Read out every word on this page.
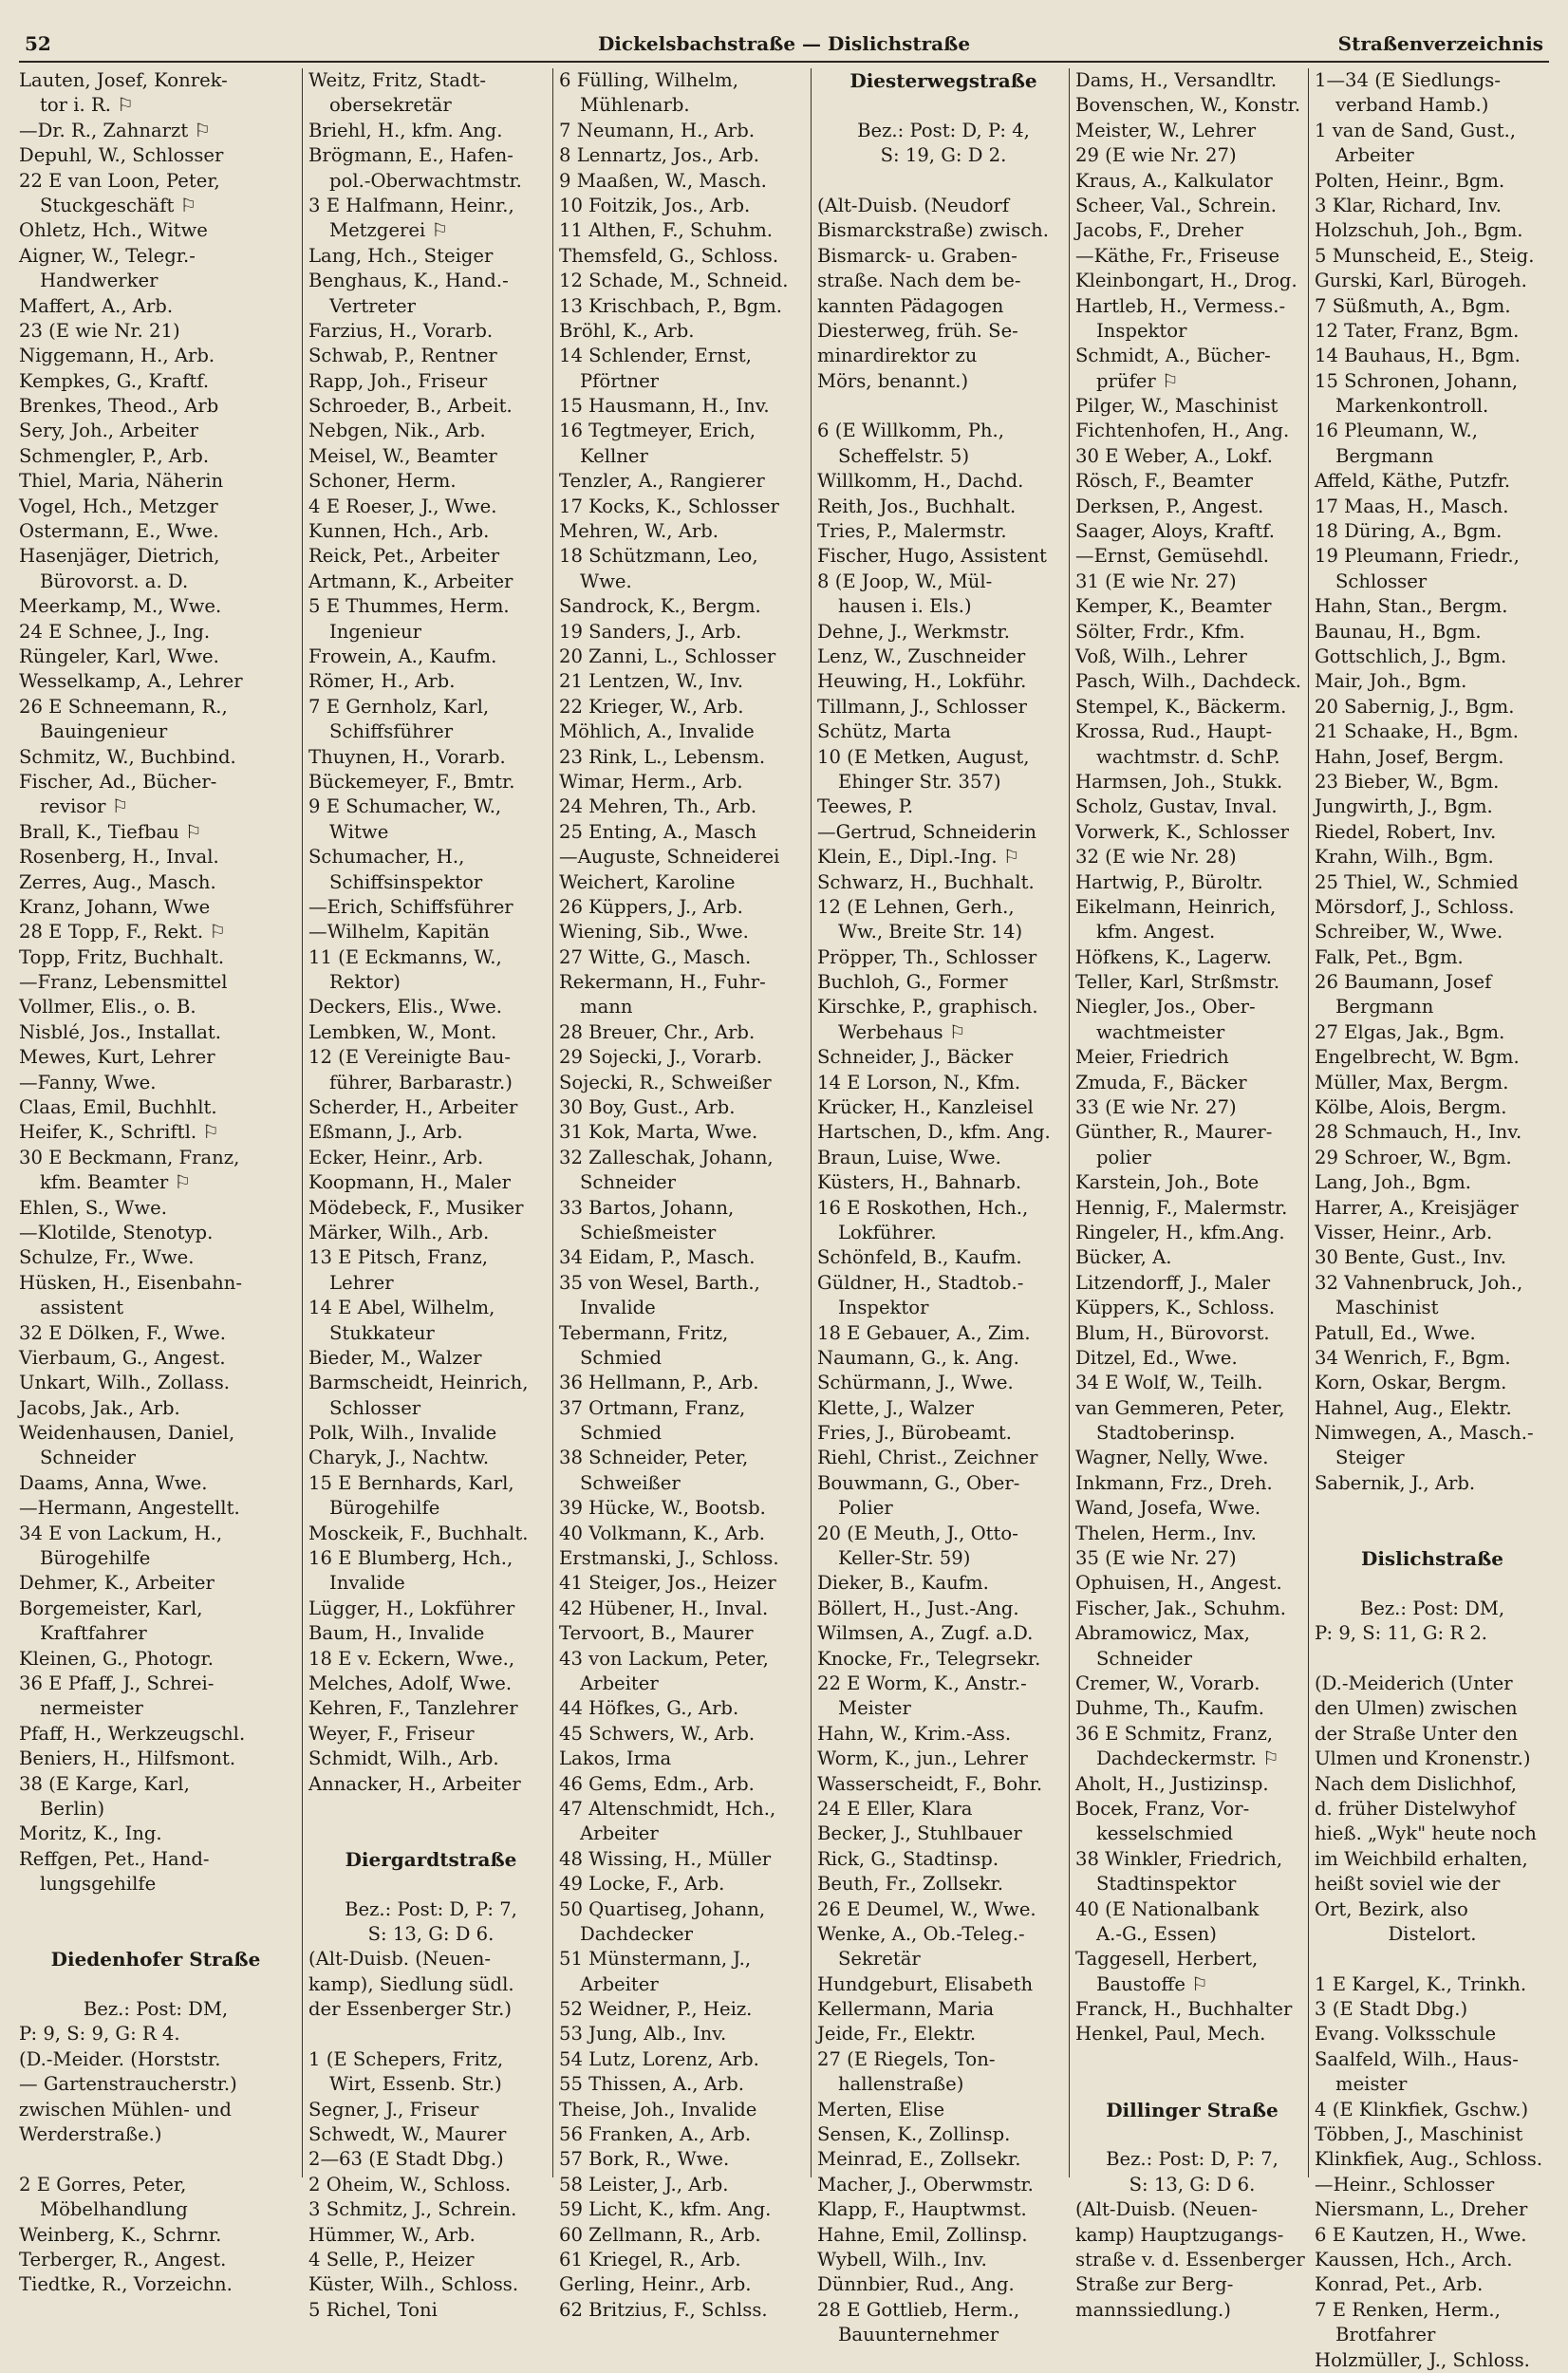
52	Dickelsbachstraße — Dislichstraße	Straßenverzeichnis
Lauten, Josef, Konrek-
tor i. R. ⚐
—Dr. R., Zahnarzt ⚐
Depuhl, W., Schlosser
22 E van Loon, Peter,
Stuckgeschäft ⚐
Ohletz, Hch., Witwe
Aigner, W., Telegr.-
Handwerker
Maffert, A., Arb.
23 (E wie Nr. 21)
Niggemann, H., Arb.
Kempkes, G., Kraftf.
Brenkes, Theod., Arb
Sery, Joh., Arbeiter
Schmengler, P., Arb.
Thiel, Maria, Näherin
Vogel, Hch., Metzger
Ostermann, E., Wwe.
Hasenjäger, Dietrich,
Bürovorst. a. D.
Meerkamp, M., Wwe.
24 E Schnee, J., Ing.
Rüngeler, Karl, Wwe.
Wesselkamp, A., Lehrer
26 E Schneemann, R.,
Bauingenieur
Schmitz, W., Buchbind.
Fischer, Ad., Bücher-
revisor ⚐
Brall, K., Tiefbau ⚐
Rosenberg, H., Inval.
Zerres, Aug., Masch.
Kranz, Johann, Wwe
28 E Topp, F., Rekt. ⚐
Topp, Fritz, Buchhalt.
—Franz, Lebensmittel
Vollmer, Elis., o. B.
Nisblé, Jos., Installat.
Mewes, Kurt, Lehrer
—Fanny, Wwe.
Claas, Emil, Buchhlt.
Heifer, K., Schriftl. ⚐
30 E Beckmann, Franz,
kfm. Beamter ⚐
Ehlen, S., Wwe.
—Klotilde, Stenotyp.
Schulze, Fr., Wwe.
Hüsken, H., Eisenbahn-
assistent
32 E Dölken, F., Wwe.
Vierbaum, G., Angest.
Unkart, Wilh., Zollass.
Jacobs, Jak., Arb.
Weidenhausen, Daniel,
Schneider
Daams, Anna, Wwe.
—Hermann, Angestellt.
34 E von Lackum, H.,
Bürogehilfe
Dehmer, K., Arbeiter
Borgemeister, Karl,
Kraftfahrer
Kleinen, G., Photogr.
36 E Pfaff, J., Schrei-
nermeister
Pfaff, H., Werkzeugschl.
Beniers, H., Hilfsmont.
38 (E Karge, Karl,
Berlin)
Moritz, K., Ing.
Reffgen, Pet., Hand-
lungsgehilfe
Diedenhofer Straße
Bez.: Post: DM,
P: 9, S: 9, G: R 4.
(D.-Meider. (Horststr.
— Gartenstraucherstr.)
zwischen Mühlen- und
Werderstraße.)
2 E Gorres, Peter,
Möbelhandlung
Weinberg, K., Schrnr.
Terberger, R., Angest.
Tiedtke, R., Vorzeichn.
Weitz, Fritz, Stadt-
obersekretär
Briehl, H., kfm. Ang.
Brögmann, E., Hafen-
pol.-Oberwachtmstr.
3 E Halfmann, Heinr.,
Metzgerei ⚐
Lang, Hch., Steiger
Benghaus, K., Hand.-
Vertreter
Farzius, H., Vorarb.
Schwab, P., Rentner
Rapp, Joh., Friseur
Schroeder, B., Arbeit.
Nebgen, Nik., Arb.
Meisel, W., Beamter
Schoner, Herm.
4 E Roeser, J., Wwe.
Kunnen, Hch., Arb.
Reick, Pet., Arbeiter
Artmann, K., Arbeiter
5 E Thummes, Herm.
Ingenieur
Frowein, A., Kaufm.
Römer, H., Arb.
7 E Gernholz, Karl,
Schiffsführer
Thuynen, H., Vorarb.
Bückemeyer, F., Bmtr.
9 E Schumacher, W.,
Witwe
Schumacher, H.,
Schiffsinspektor
—Erich, Schiffsführer
—Wilhelm, Kapitän
11 (E Eckmanns, W.,
Rektor)
Deckers, Elis., Wwe.
Lembken, W., Mont.
12 (E Vereinigte Bau-
führer, Barbarastr.)
Scherder, H., Arbeiter
Eßmann, J., Arb.
Ecker, Heinr., Arb.
Koopmann, H., Maler
Mödebeck, F., Musiker
Märker, Wilh., Arb.
13 E Pitsch, Franz,
Lehrer
14 E Abel, Wilhelm,
Stukkateur
Bieder, M., Walzer
Barmscheidt, Heinrich,
Schlosser
Polk, Wilh., Invalide
Charyk, J., Nachtw.
15 E Bernhards, Karl,
Bürogehilfe
Mosckeik, F., Buchhalt.
16 E Blumberg, Hch.,
Invalide
Lügger, H., Lokführer
Baum, H., Invalide
18 E v. Eckern, Wwe.,
Melches, Adolf, Wwe.
Kehren, F., Tanzlehrer
Weyer, F., Friseur
Schmidt, Wilh., Arb.
Annacker, H., Arbeiter
Diergardtstraße
Bez.: Post: D, P: 7,
S: 13, G: D 6.
(Alt-Duisb. (Neuen-
kamp), Siedlung südl.
der Essenberger Str.)
1 (E Schepers, Fritz,
Wirt, Essenb. Str.)
Segner, J., Friseur
Schwedt, W., Maurer
2—63 (E Stadt Dbg.)
2 Oheim, W., Schloss.
3 Schmitz, J., Schrein.
Hümmer, W., Arb.
4 Selle, P., Heizer
Küster, Wilh., Schloss.
5 Richel, Toni
6 Fülling, Wilhelm,
Mühlenarb.
7 Neumann, H., Arb.
8 Lennartz, Jos., Arb.
9 Maaßen, W., Masch.
10 Foitzik, Jos., Arb.
11 Althen, F., Schuhm.
Themsfeld, G., Schloss.
12 Schade, M., Schneid.
13 Krischbach, P., Bgm.
Bröhl, K., Arb.
14 Schlender, Ernst,
Pförtner
15 Hausmann, H., Inv.
16 Tegtmeyer, Erich,
Kellner
Tenzler, A., Rangierer
17 Kocks, K., Schlosser
Mehren, W., Arb.
18 Schützmann, Leo,
Wwe.
Sandrock, K., Bergm.
19 Sanders, J., Arb.
20 Zanni, L., Schlosser
21 Lentzen, W., Inv.
22 Krieger, W., Arb.
Möhlich, A., Invalide
23 Rink, L., Lebensm.
Wimar, Herm., Arb.
24 Mehren, Th., Arb.
25 Enting, A., Masch
—Auguste, Schneiderei
Weichert, Karoline
26 Küppers, J., Arb.
Wiening, Sib., Wwe.
27 Witte, G., Masch.
Rekermann, H., Fuhr-
mann
28 Breuer, Chr., Arb.
29 Sojecki, J., Vorarb.
Sojecki, R., Schweißer
30 Boy, Gust., Arb.
31 Kok, Marta, Wwe.
32 Zalleschak, Johann,
Schneider
33 Bartos, Johann,
Schießmeister
34 Eidam, P., Masch.
35 von Wesel, Barth.,
Invalide
Tebermann, Fritz,
Schmied
36 Hellmann, P., Arb.
37 Ortmann, Franz,
Schmied
38 Schneider, Peter,
Schweißer
39 Hücke, W., Bootsb.
40 Volkmann, K., Arb.
Erstmanski, J., Schloss.
41 Steiger, Jos., Heizer
42 Hübener, H., Inval.
Tervoort, B., Maurer
43 von Lackum, Peter,
Arbeiter
44 Höfkes, G., Arb.
45 Schwers, W., Arb.
Lakos, Irma
46 Gems, Edm., Arb.
47 Altenschmidt, Hch.,
Arbeiter
48 Wissing, H., Müller
49 Locke, F., Arb.
50 Quartiseg, Johann,
Dachdecker
51 Münstermann, J.,
Arbeiter
52 Weidner, P., Heiz.
53 Jung, Alb., Inv.
54 Lutz, Lorenz, Arb.
55 Thissen, A., Arb.
Theise, Joh., Invalide
56 Franken, A., Arb.
57 Bork, R., Wwe.
58 Leister, J., Arb.
59 Licht, K., kfm. Ang.
60 Zellmann, R., Arb.
61 Kriegel, R., Arb.
Gerling, Heinr., Arb.
62 Britzius, F., Schlss.
Diesterwegstraße
Bez.: Post: D, P: 4,
S: 19, G: D 2.
(Alt-Duisb. (Neudorf
Bismarckstraße) zwisch.
Bismarck- u. Graben-
straße. Nach dem be-
kannten Pädagogen
Diesterweg, früh. Se-
minardirektor zu
Mörs, benannt.)
6 (E Willkomm, Ph.,
Scheffelstr. 5)
Willkomm, H., Dachd.
Reith, Jos., Buchhalt.
Tries, P., Malermstr.
Fischer, Hugo, Assistent
8 (E Joop, W., Mül-
hausen i. Els.)
Dehne, J., Werkmstr.
Lenz, W., Zuschneider
Heuwing, H., Lokführ.
Tillmann, J., Schlosser
Schütz, Marta
10 (E Metken, August,
Ehinger Str. 357)
Teewes, P.
—Gertrud, Schneiderin
Klein, E., Dipl.-Ing. ⚐
Schwarz, H., Buchhalt.
12 (E Lehnen, Gerh.,
Ww., Breite Str. 14)
Pröpper, Th., Schlosser
Buchloh, G., Former
Kirschke, P., graphisch.
Werbehaus ⚐
Schneider, J., Bäcker
14 E Lorson, N., Kfm.
Krücker, H., Kanzleisel
Hartschen, D., kfm. Ang.
Braun, Luise, Wwe.
Küsters, H., Bahnarb.
16 E Roskothen, Hch.,
Lokführer.
Schönfeld, B., Kaufm.
Güldner, H., Stadtob.-
Inspektor
18 E Gebauer, A., Zim.
Naumann, G., k. Ang.
Schürmann, J., Wwe.
Klette, J., Walzer
Fries, J., Bürobeamt.
Riehl, Christ., Zeichner
Bouwmann, G., Ober-
Polier
20 (E Meuth, J., Otto-
Keller-Str. 59)
Dieker, B., Kaufm.
Böllert, H., Just.-Ang.
Wilmsen, A., Zugf. a.D.
Knocke, Fr., Telegrsekr.
22 E Worm, K., Anstr.-
Meister
Hahn, W., Krim.-Ass.
Worm, K., jun., Lehrer
Wasserscheidt, F., Bohr.
24 E Eller, Klara
Becker, J., Stuhlbauer
Rick, G., Stadtinsp.
Beuth, Fr., Zollsekr.
26 E Deumel, W., Wwe.
Wenke, A., Ob.-Teleg.-
Sekretär
Hundgeburt, Elisabeth
Kellermann, Maria
Jeide, Fr., Elektr.
27 (E Riegels, Ton-
hallenstraße)
Merten, Elise
Sensen, K., Zollinsp.
Meinrad, E., Zollsekr.
Macher, J., Oberwmstr.
Klapp, F., Hauptwmst.
Hahne, Emil, Zollinsp.
Wybell, Wilh., Inv.
Dünnbier, Rud., Ang.
28 E Gottlieb, Herm.,
Bauunternehmer
Dams, H., Versandltr.
Bovenschen, W., Konstr.
Meister, W., Lehrer
29 (E wie Nr. 27)
Kraus, A., Kalkulator
Scheer, Val., Schrein.
Jacobs, F., Dreher
—Käthe, Fr., Friseuse
Kleinbongart, H., Drog.
Hartleb, H., Vermess.-
Inspektor
Schmidt, A., Bücher-
prüfer ⚐
Pilger, W., Maschinist
Fichtenhofen, H., Ang.
30 E Weber, A., Lokf.
Rösch, F., Beamter
Derksen, P., Angest.
Saager, Aloys, Kraftf.
—Ernst, Gemüsehdl.
31 (E wie Nr. 27)
Kemper, K., Beamter
Sölter, Frdr., Kfm.
Voß, Wilh., Lehrer
Pasch, Wilh., Dachdeck.
Stempel, K., Bäckerm.
Krossa, Rud., Haupt-
wachtmstr. d. SchP.
Harmsen, Joh., Stukk.
Scholz, Gustav, Inval.
Vorwerk, K., Schlosser
32 (E wie Nr. 28)
Hartwig, P., Büroltr.
Eikelmann, Heinrich,
kfm. Angest.
Höfkens, K., Lagerw.
Teller, Karl, Strßmstr.
Niegler, Jos., Ober-
wachtmeister
Meier, Friedrich
Zmuda, F., Bäcker
33 (E wie Nr. 27)
Günther, R., Maurer-
polier
Karstein, Joh., Bote
Hennig, F., Malermstr.
Ringeler, H., kfm.Ang.
Bücker, A.
Litzendorff, J., Maler
Küppers, K., Schloss.
Blum, H., Bürovorst.
Ditzel, Ed., Wwe.
34 E Wolf, W., Teilh.
van Gemmeren, Peter,
Stadtoberinsp.
Wagner, Nelly, Wwe.
Inkmann, Frz., Dreh.
Wand, Josefa, Wwe.
Thelen, Herm., Inv.
35 (E wie Nr. 27)
Ophuisen, H., Angest.
Fischer, Jak., Schuhm.
Abramowicz, Max,
Schneider
Cremer, W., Vorarb.
Duhme, Th., Kaufm.
36 E Schmitz, Franz,
Dachdeckermstr. ⚐
Aholt, H., Justizinsp.
Bocek, Franz, Vor-
kesselschmied
38 Winkler, Friedrich,
Stadtinspektor
40 (E Nationalbank
A.-G., Essen)
Taggesell, Herbert,
Baustoffe ⚐
Franck, H., Buchhalter
Henkel, Paul, Mech.
Dillinger Straße
Bez.: Post: D, P: 7,
S: 13, G: D 6.
(Alt-Duisb. (Neuen-
kamp) Hauptzugangs-
straße v. d. Essenberger
Straße zur Berg-
mannssiedlung.)
1—34 (E Siedlungs-
verband Hamb.)
1 van de Sand, Gust.,
Arbeiter
Polten, Heinr., Bgm.
3 Klar, Richard, Inv.
Holzschuh, Joh., Bgm.
5 Munscheid, E., Steig.
Gurski, Karl, Bürogeh.
7 Süßmuth, A., Bgm.
12 Tater, Franz, Bgm.
14 Bauhaus, H., Bgm.
15 Schronen, Johann,
Markenkontroll.
16 Pleumann, W.,
Bergmann
Affeld, Käthe, Putzfr.
17 Maas, H., Masch.
18 Düring, A., Bgm.
19 Pleumann, Friedr.,
Schlosser
Hahn, Stan., Bergm.
Baunau, H., Bgm.
Gottschlich, J., Bgm.
Mair, Joh., Bgm.
20 Sabernig, J., Bgm.
21 Schaake, H., Bgm.
Hahn, Josef, Bergm.
23 Bieber, W., Bgm.
Jungwirth, J., Bgm.
Riedel, Robert, Inv.
Krahn, Wilh., Bgm.
25 Thiel, W., Schmied
Mörsdorf, J., Schloss.
Schreiber, W., Wwe.
Falk, Pet., Bgm.
26 Baumann, Josef
Bergmann
27 Elgas, Jak., Bgm.
Engelbrecht, W. Bgm.
Müller, Max, Bergm.
Kölbe, Alois, Bergm.
28 Schmauch, H., Inv.
29 Schroer, W., Bgm.
Lang, Joh., Bgm.
Harrer, A., Kreisjäger
Visser, Heinr., Arb.
30 Bente, Gust., Inv.
32 Vahnenbruck, Joh.,
Maschinist
Patull, Ed., Wwe.
34 Wenrich, F., Bgm.
Korn, Oskar, Bergm.
Hahnel, Aug., Elektr.
Nimwegen, A., Masch.-
Steiger
Sabernik, J., Arb.
Dislichstraße
Bez.: Post: DM,
P: 9, S: 11, G: R 2.
(D.-Meiderich (Unter
den Ulmen) zwischen
der Straße Unter den
Ulmen und Kronenstr.)
Nach dem Dislichhof,
d. früher Distelwyhof
hieß. „Wyk" heute noch
im Weichbild erhalten,
heißt soviel wie der
Ort, Bezirk, also
Distelort.
1 E Kargel, K., Trinkh.
3 (E Stadt Dbg.)
Evang. Volksschule
Saalfeld, Wilh., Haus-
meister
4 (E Klinkfiek, Gschw.)
Többen, J., Maschinist
Klinkfiek, Aug., Schloss.
—Heinr., Schlosser
Niersmann, L., Dreher
6 E Kautzen, H., Wwe.
Kaussen, Hch., Arch.
Konrad, Pet., Arb.
7 E Renken, Herm.,
Brotfahrer
Holzmüller, J., Schloss.
